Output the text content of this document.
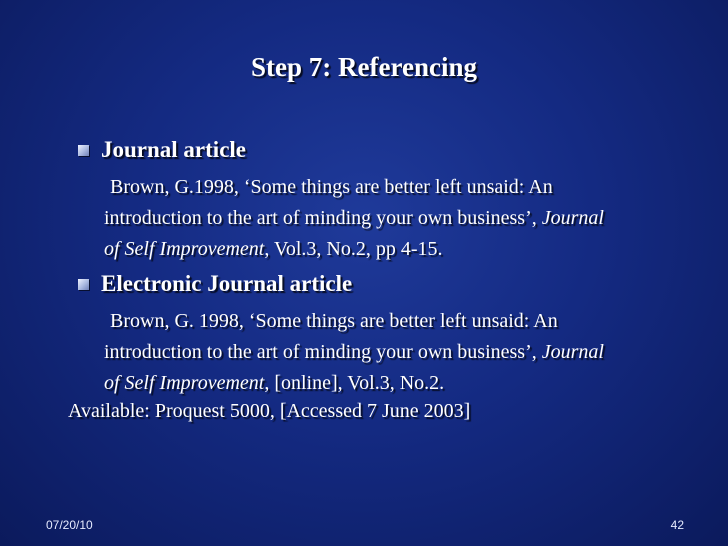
Step 7: Referencing
Journal article
Brown, G.1998, ‘Some things are better left unsaid: An
introduction to the art of minding your own business’, Journal
of Self Improvement, Vol.3, No.2, pp 4-15.
Electronic Journal article
Brown, G. 1998, ‘Some things are better left unsaid: An
introduction to the art of minding your own business’, Journal
of Self Improvement, [online], Vol.3, No.2.
Available: Proquest 5000, [Accessed 7 June 2003]
07/20/10	42
